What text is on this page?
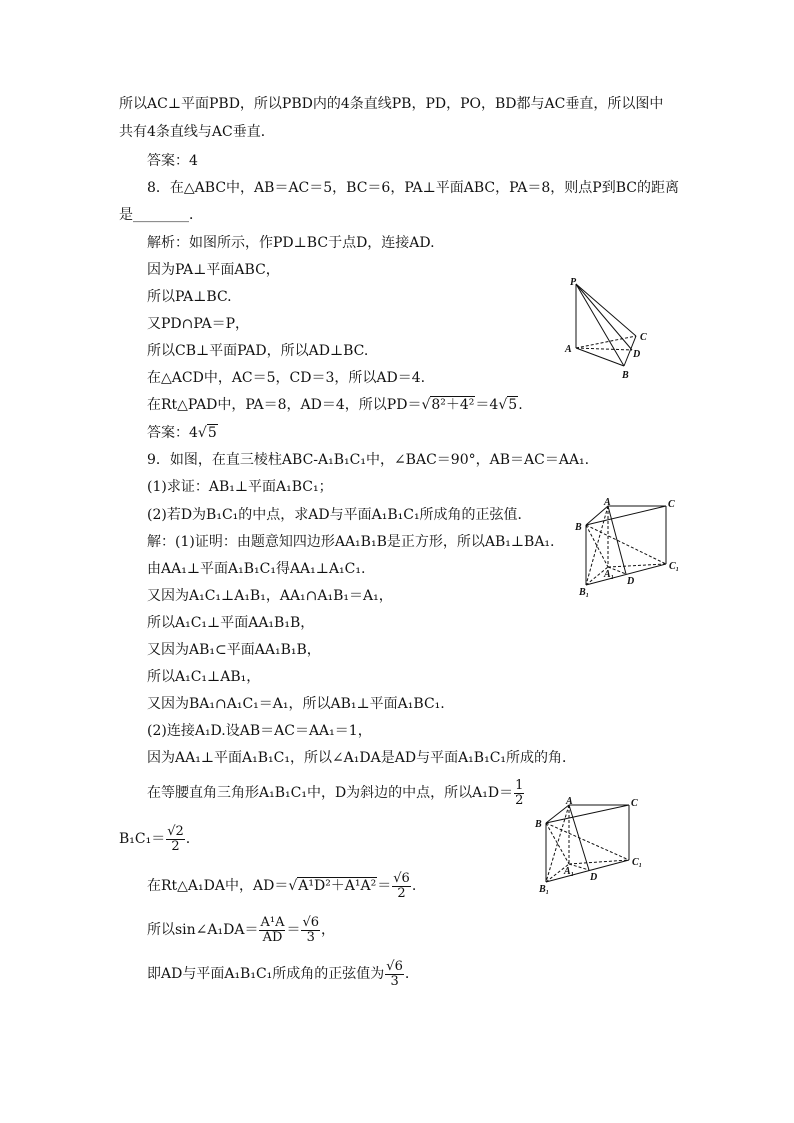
所以AC⊥平面PBD，所以PBD内的4条直线PB，PD，PO，BD都与AC垂直，所以图中
共有4条直线与AC垂直．
答案：4
8．在△ABC中，AB＝AC＝5，BC＝6，PA⊥平面ABC，PA＝8，则点P到BC的距离
是________．
解析：如图所示，作PD⊥BC于点D，连接AD.
因为PA⊥平面ABC，
所以PA⊥BC.
又PD∩PA＝P，
所以CB⊥平面PAD，所以AD⊥BC.
在△ACD中，AC＝5，CD＝3，所以AD＝4.
在Rt△PAD中，PA＝8，AD＝4，所以PD＝√8²＋4²＝4√5.
答案：4√5
9．如图，在直三棱柱ABC-A₁B₁C₁中，∠BAC＝90°，AB＝AC＝AA₁.
(1)求证：AB₁⊥平面A₁BC₁；
(2)若D为B₁C₁的中点，求AD与平面A₁B₁C₁所成角的正弦值．
解：(1)证明：由题意知四边形AA₁B₁B是正方形，所以AB₁⊥BA₁.
由AA₁⊥平面A₁B₁C₁得AA₁⊥A₁C₁.
又因为A₁C₁⊥A₁B₁，AA₁∩A₁B₁＝A₁，
所以A₁C₁⊥平面AA₁B₁B，
又因为AB₁⊂平面AA₁B₁B，
所以A₁C₁⊥AB₁，
又因为BA₁∩A₁C₁＝A₁，所以AB₁⊥平面A₁BC₁.
(2)连接A₁D.设AB＝AC＝AA₁＝1，
因为AA₁⊥平面A₁B₁C₁，所以∠A₁DA是AD与平面A₁B₁C₁所成的角．
在等腰直角三角形A₁B₁C₁中，D为斜边的中点，所以$A_1D= \frac{1}{2}$
$B_1C_1= \frac{√2}{2}$ .
在Rt△A₁DA中，$AD=√A^1D^2+A^1A^2= \frac{√6}{2}$ .
所以sin∠A₁DA＝ $\frac{\text{A¹A}}{AD} = \frac{√6}{3}$ ，
即AD与平面A₁B₁C₁所成角的正弦值为 $\frac{√6}{3}$ .
P
A
C
D
B
A	C
B
A₁
C₁
D
B₁
A	C
B
A₁
C₁
D
B₁
